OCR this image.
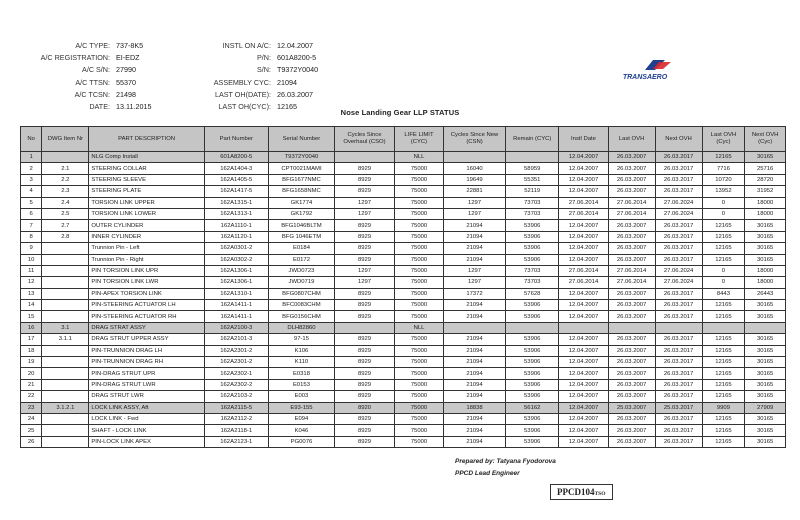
A/C TYPE: 737-8K5
A/C REGISTRATION: EI-EDZ
A/C S/N: 27990
A/C TTSN: 55370
A/C TCSN: 21498
DATE: 13.11.2015
INSTL ON A/C: 12.04.2007
P/N: 601A8200-5
S/N: T9372Y0040
ASSEMBLY CYC: 21094
LAST OH(DATE): 26.03.2007
LAST OH(CYC): 12165
TRANSAERO
Nose Landing Gear LLP STATUS
No	DWG Item Nr	PART DESCRIPTION	Part Number	Serial Number	Cycles Since Overhaul (CSO)	LIFE LIMIT (CYC)	Cycles Since New (CSN)	Remain (CYC)	Instl Date	Last OVH	Next OVH	Last OVH (Cyc)	Next OVH (Cyc)
1		NLG Comp Install	601A8200-5	T9372Y0040		NLL			12.04.2007	26.03.2007	26.03.2017	12165	30165
2	2.1	STEERING COLLAR	162A1404-3	CPT0021MAMI	8929	75000	16040	58959	12.04.2007	26.03.2007	26.03.2017	7716	25716
3	2.2	STEERING SLEEVE	162A1405-5	BFG1677NMC	8929	75000	19649	55351	12.04.2007	26.03.2007	26.03.2017	10720	28720
4	2.3	STEERING PLATE	162A1417-5	BFG1658NMC	8929	75000	22881	52119	12.04.2007	26.03.2007	26.03.2017	13952	31952
5	2.4	TORSION LINK UPPER	162A1315-1	GK1774	1297	75000	1297	73703	27.06.2014	27.06.2014	27.06.2024	0	18000
6	2.5	TORSION LINK LOWER	162A1313-1	GK1792	1297	75000	1297	73703	27.06.2014	27.06.2014	27.06.2024	0	18000
7	2.7	OUTER CYLINDER	162A1110-1	BFG1046BLTM	8929	75000	21094	53906	12.04.2007	26.03.2007	26.03.2017	12165	30165
8	2.8	INNER CYLINDER	162A1120-1	BFG 1046ETM	8929	75000	21094	53906	12.04.2007	26.03.2007	26.03.2017	12165	30165
9		Trunnion Pin - Left	162A0301-2	E0184	8929	75000	21094	53906	12.04.2007	26.03.2007	26.03.2017	12165	30165
10		Trunnion Pin - Right	162A0302-2	E0172	8929	75000	21094	53906	12.04.2007	26.03.2007	26.03.2017	12165	30165
11		PIN TORSION LINK UPR	162A1306-1	JWD0723	1297	75000	1297	73703	27.06.2014	27.06.2014	27.06.2024	0	18000
12		PIN TORSION LINK LWR	162A1306-1	JWD0719	1297	75000	1297	73703	27.06.2014	27.06.2014	27.06.2024	0	18000
13		PIN-APEX TORSION LINK	162A1310-1	BFG0807CHM	8929	75000	17372	57628	12.04.2007	26.03.2007	26.03.2017	8443	26443
14		PIN-STEERING ACTUATOR LH	162A1411-1	BFC0083CHM	8929	75000	21094	53906	12.04.2007	26.03.2007	26.03.2017	12165	30165
15		PIN-STEERING ACTUATOR RH	162A1411-1	BFG0156CHM	8929	75000	21094	53906	12.04.2007	26.03.2007	26.03.2017	12165	30165
16	3.1	DRAG STRAT ASSY	162A2100-3	DLH82860		NLL							
17	3.1.1	DRAG STRUT UPPER ASSY	162A2101-3	97-15	8929	75000	21094	53906	12.04.2007	26.03.2007	26.03.2017	12165	30165
18		PIN-TRUNNION DRAG LH	162A2301-2	K106	8929	75000	21094	53906	12.04.2007	26.03.2007	26.03.2017	12165	30165
19		PIN-TRUNNION DRAG RH	162A2301-2	K110	8929	75000	21094	53906	12.04.2007	26.03.2007	26.03.2017	12165	30165
20		PIN-DRAG STRUT UPR	162A2302-1	E0318	8929	75000	21094	53906	12.04.2007	26.03.2007	26.03.2017	12165	30165
21		PIN-DRAG STRUT LWR	162A2302-2	E0153	8929	75000	21094	53906	12.04.2007	26.03.2007	26.03.2017	12165	30165
22		DRAG STRUT LWR	162A2103-2	E003	8929	75000	21094	53906	12.04.2007	26.03.2007	26.03.2017	12165	30165
23	3.1.2.1	LOCK LINK ASSY, Aft	162A2115-5	E93-155	8920	75000	18838	56162	12.04.2007	25.03.2007	25.03.2017	9909	27909
24		LOCK LINK - Fwd	162A2112-2	E094	8929	75000	21094	53906	12.04.2007	26.03.2007	26.03.2017	12165	30165
25		SHAFT - LOCK LINK	162A2118-1	K046	8929	75000	21094	53906	12.04.2007	26.03.2007	26.03.2017	12165	30165
26		PIN-LOCK LINK APEX	162A2123-1	PG0076	8929	75000	21094	53906	12.04.2007	26.03.2007	26.03.2017	12165	30165
Prepared by: Tatyana Fyodorova
PPCD Lead Engineer
PPCD104TSO
